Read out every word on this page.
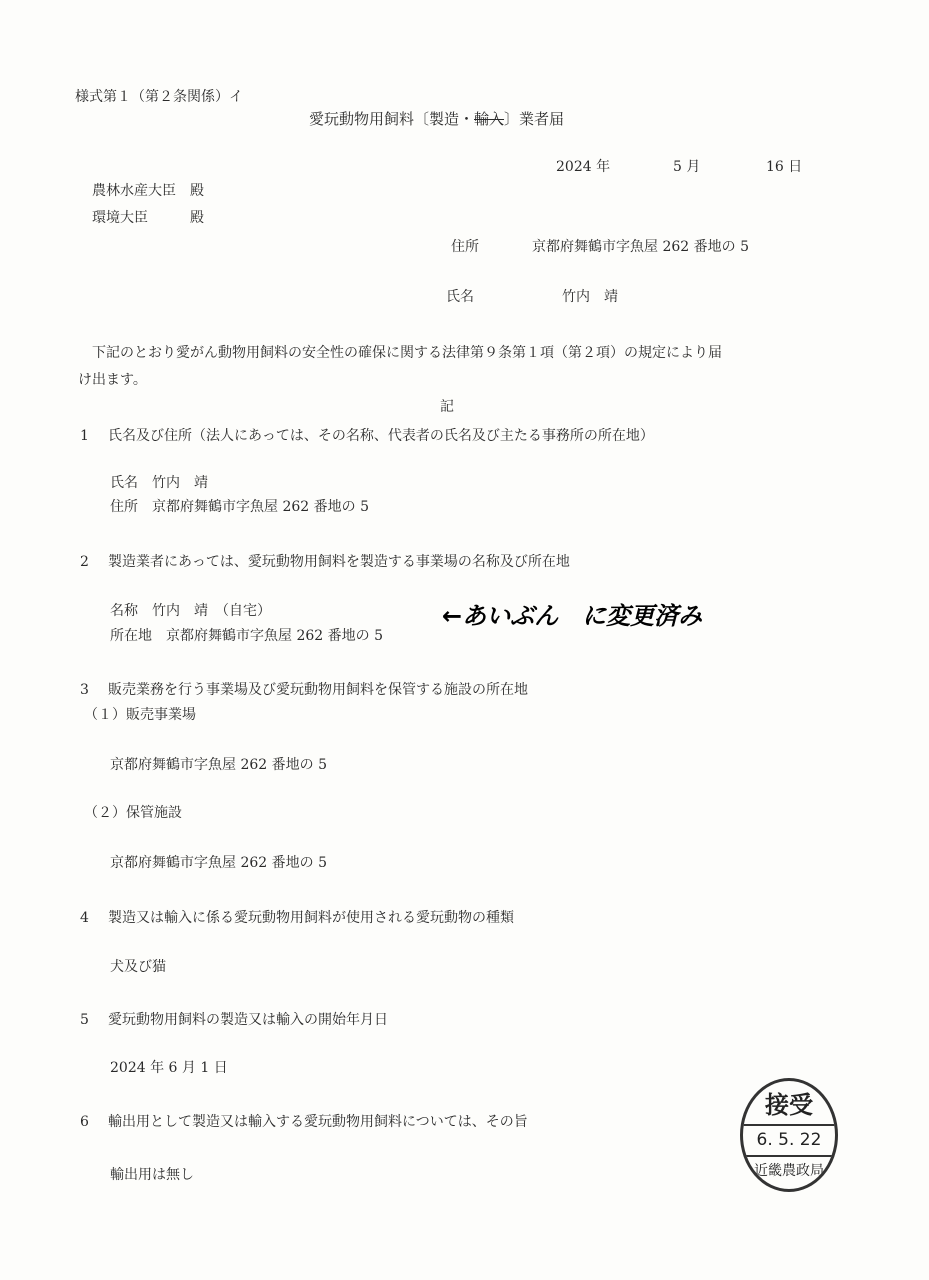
様式第１（第２条関係）イ
愛玩動物用飼料〔製造・輸入〕業者届
2024 年	5 月	16 日
農林水産大臣　殿
環境大臣　　　殿
住所	京都府舞鶴市字魚屋 262 番地の 5
氏名	竹内　靖
下記のとおり愛がん動物用飼料の安全性の確保に関する法律第９条第１項（第２項）の規定により届
け出ます。
記
1 氏名及び住所（法人にあっては、その名称、代表者の氏名及び主たる事務所の所在地）
氏名　竹内　靖
住所　京都府舞鶴市字魚屋 262 番地の 5
2 製造業者にあっては、愛玩動物用飼料を製造する事業場の名称及び所在地
名称　竹内　靖　（自宅）
所在地　京都府舞鶴市字魚屋 262 番地の 5
←あいぶん　に変更済み
3 販売業務を行う事業場及び愛玩動物用飼料を保管する施設の所在地
（１）販売事業場
京都府舞鶴市字魚屋 262 番地の 5
（２）保管施設
京都府舞鶴市字魚屋 262 番地の 5
4 製造又は輸入に係る愛玩動物用飼料が使用される愛玩動物の種類
犬及び猫
5 愛玩動物用飼料の製造又は輸入の開始年月日
2024 年 6 月 1 日
6 輸出用として製造又は輸入する愛玩動物用飼料については、その旨
輸出用は無し
接受
6. 5. 22
近畿農政局
